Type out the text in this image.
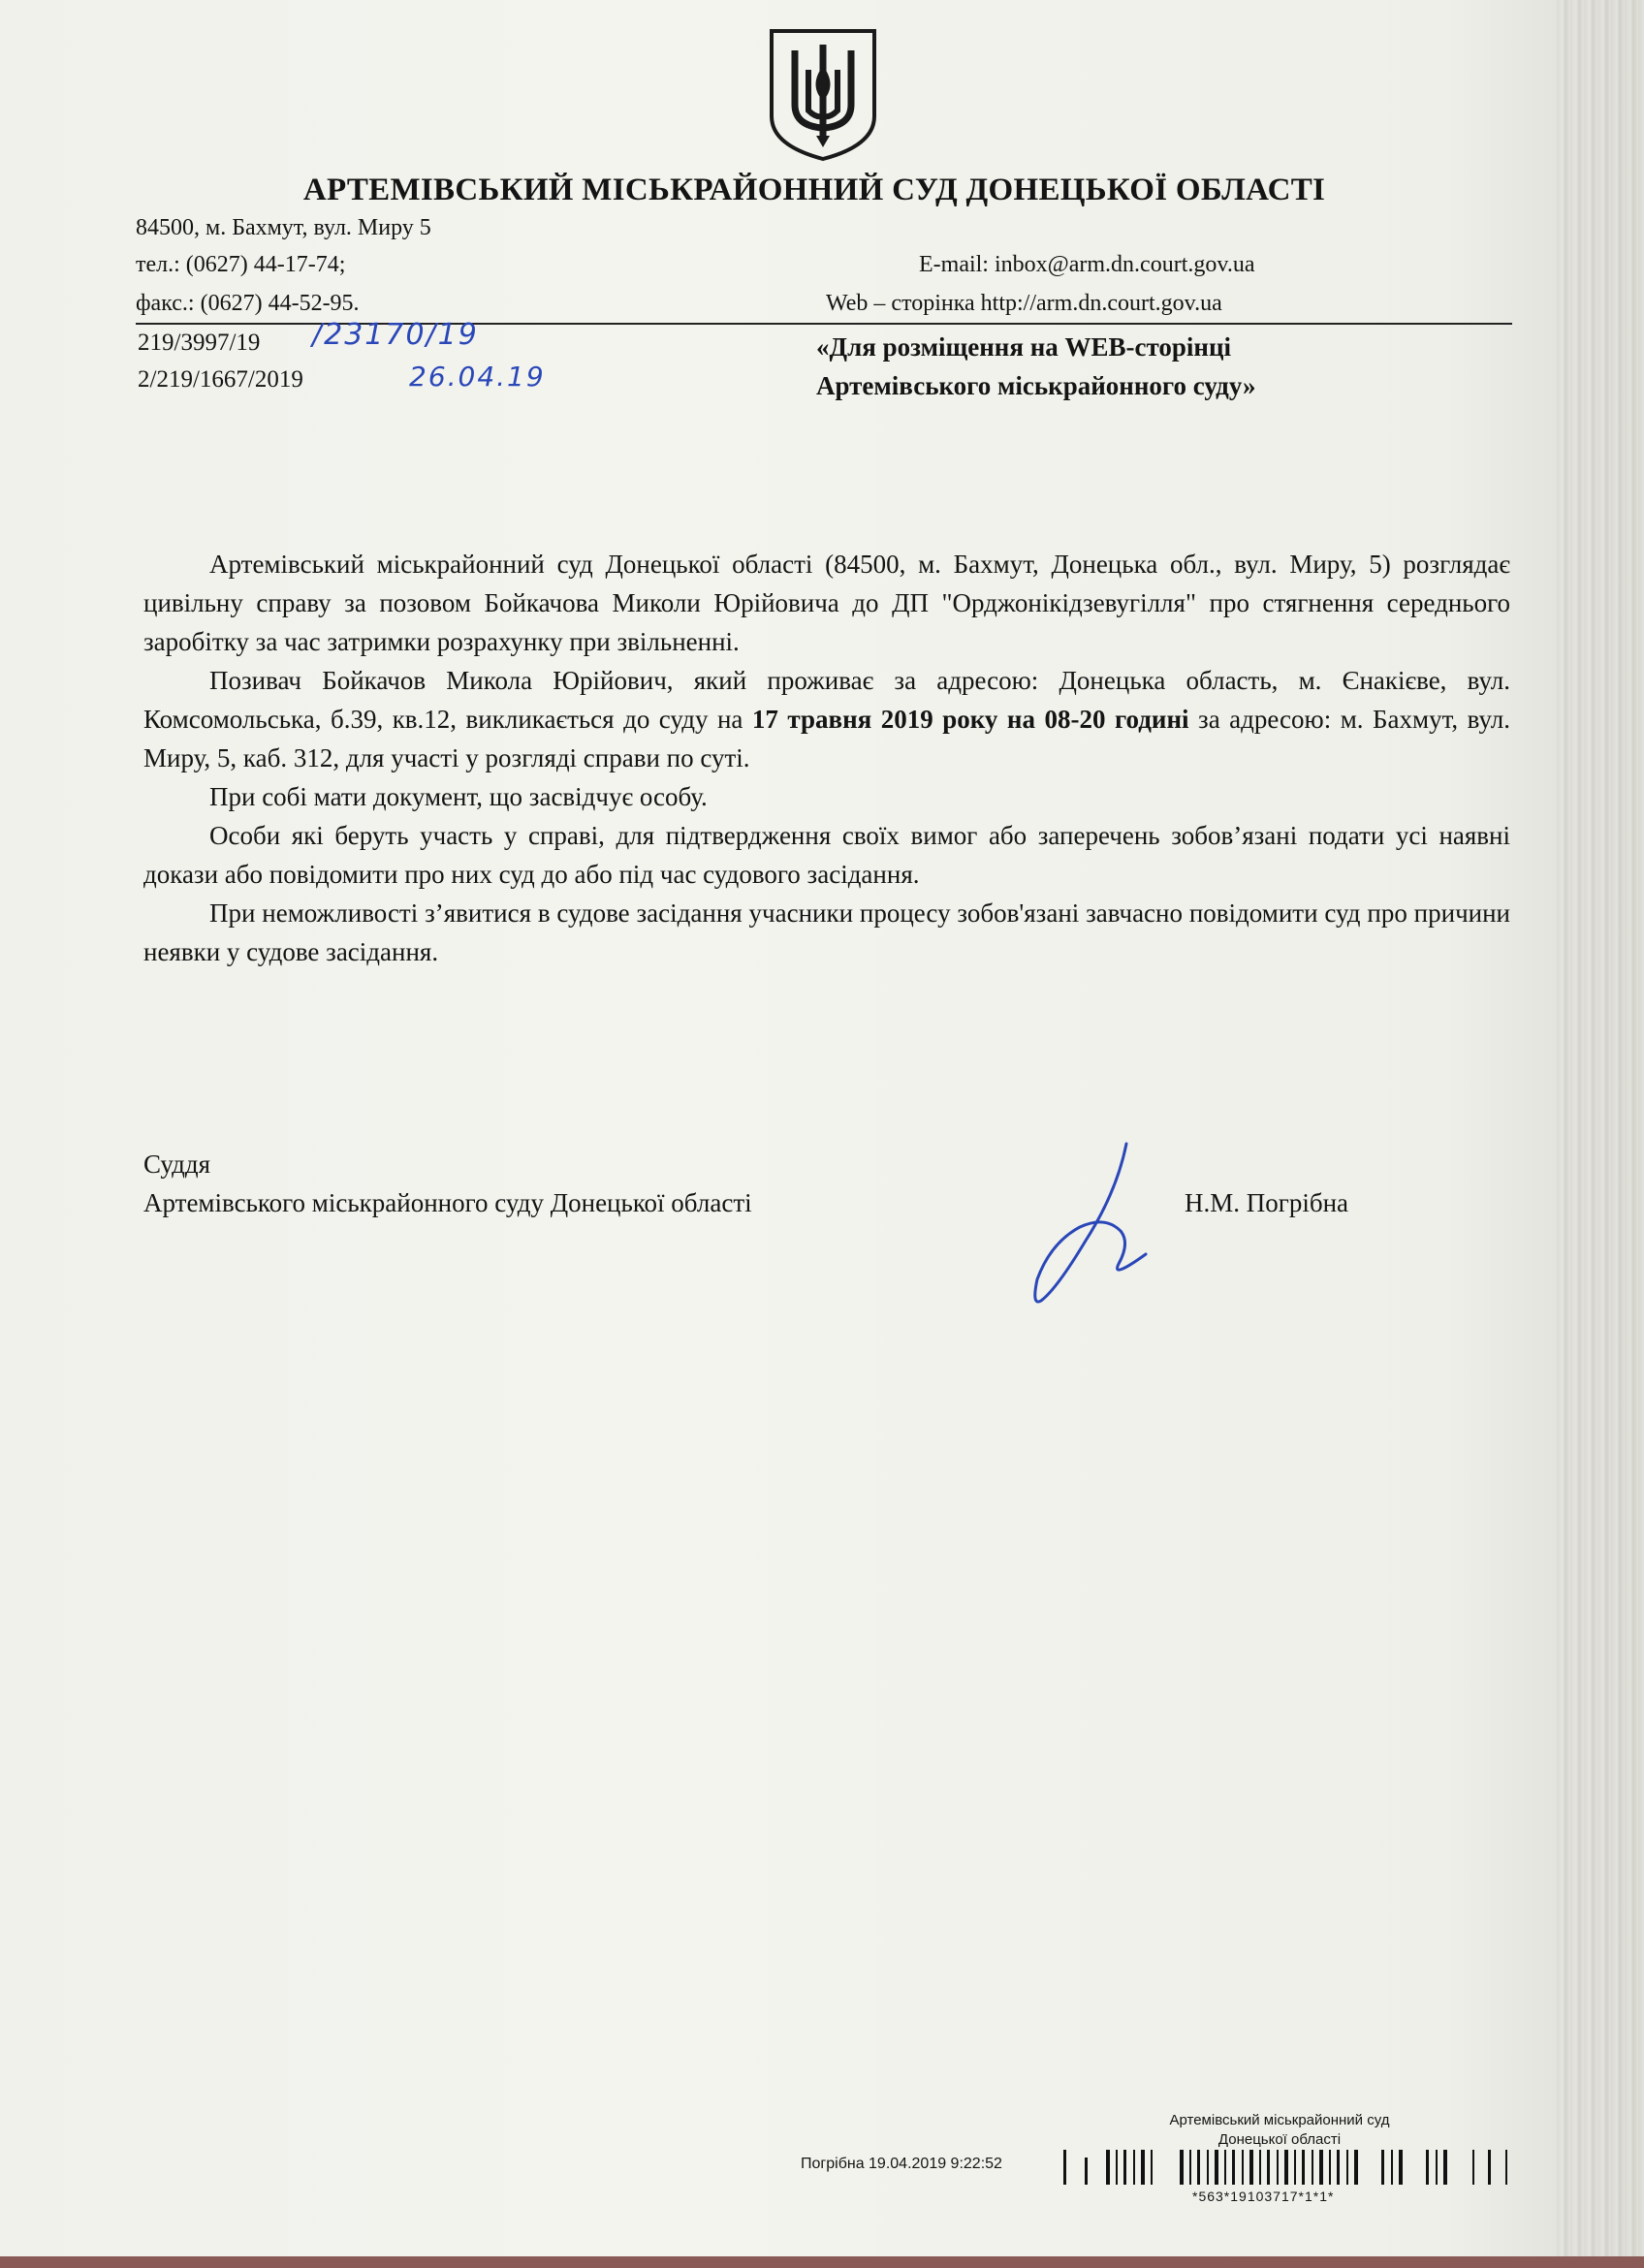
АРТЕМІВСЬКИЙ МІСЬКРАЙОННИЙ СУД ДОНЕЦЬКОЇ ОБЛАСТІ
84500, м. Бахмут, вул. Миру 5
тел.: (0627) 44-17-74;	E-mail: inbox@arm.dn.court.gov.ua
факс.: (0627) 44-52-95.	Web – сторінка http://arm.dn.court.gov.ua
219/3997/19
2/219/1667/2019
/23170/19
26.04.19
«Для розміщення на WEB-сторінці
Артемівського міськрайонного суду»

Артемівський міськрайонний суд Донецької області (84500, м. Бахмут, Донецька обл., вул. Миру, 5) розглядає цивільну справу за позовом Бойкачова Миколи Юрійовича до ДП "Орджонікідзевугілля" про стягнення середнього заробітку за час затримки розрахунку при звільненні.

Позивач Бойкачов Микола Юрійович, який проживає за адресою: Донецька область, м. Єнакієве, вул. Комсомольська, б.39, кв.12, викликається до суду на 17 травня 2019 року на 08-20 годині за адресою: м. Бахмут, вул. Миру, 5, каб. 312, для участі у розгляді справи по суті.

При собі мати документ, що засвідчує особу.

Особи які беруть участь у справі, для підтвердження своїх вимог або заперечень зобов’язані подати усі наявні докази або повідомити про них суд до або під час судового засідання.

При неможливості з’явитися в судове засідання учасники процесу зобов'язані завчасно повідомити суд про причини неявки у судове засідання.

Суддя
Артемівського міськрайонного суду Донецької області	Н.М. Погрібна
Артемівський міськрайонний суд
Донецької області
Погрібна 19.04.2019 9:22:52
*563*19103717*1*1*
